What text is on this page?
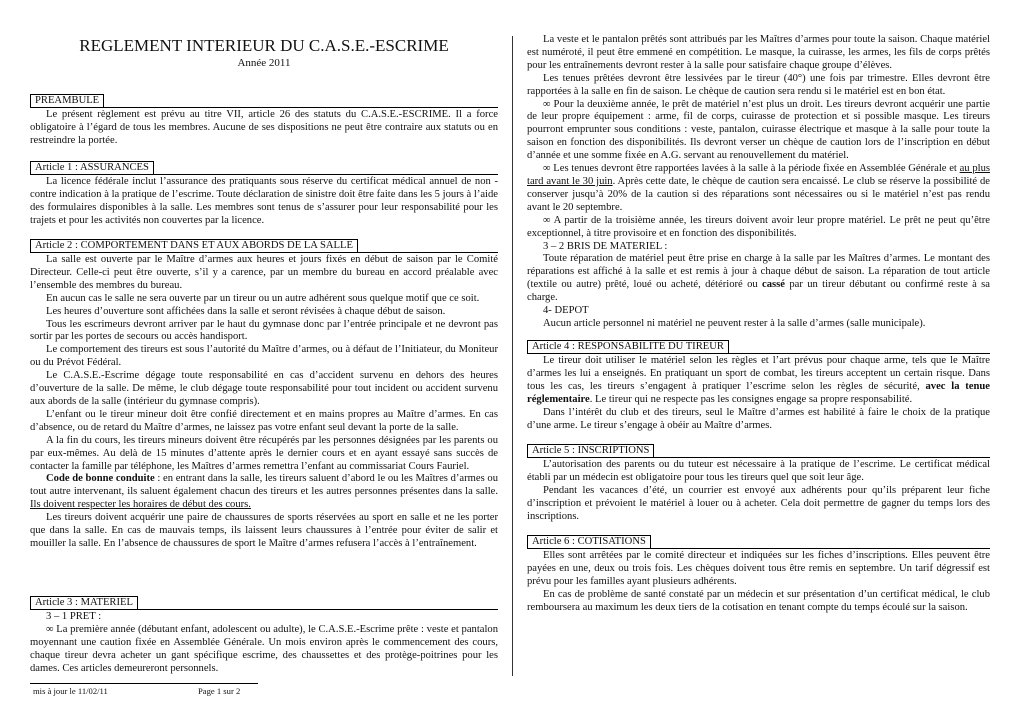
REGLEMENT INTERIEUR DU C.A.S.E.-ESCRIME
Année 2011
PREAMBULE

Le présent règlement est prévu au titre VII, article 26 des statuts du C.A.S.E.-ESCRIME. Il a force obligatoire à l’égard de tous les membres. Aucune de ses dispositions ne peut être contraire aux statuts ou en restreindre la portée.

Article 1 : ASSURANCES

La licence fédérale inclut l’assurance des pratiquants sous réserve du certificat médical annuel de non - contre indication à la pratique de l’escrime. Toute déclaration de sinistre doit être faite dans les 5 jours à l’aide des formulaires disponibles à la salle. Les membres sont tenus de s’assurer pour leur responsabilité pour les trajets et pour les activités non couvertes par la licence.

Article 2 : COMPORTEMENT DANS ET AUX ABORDS DE LA SALLE

La salle est ouverte par le Maître d’armes aux heures et jours fixés en début de saison par le Comité Directeur. Celle-ci peut être ouverte, s’il y a carence, par un membre du bureau en accord préalable avec l’ensemble des membres du bureau.

En aucun cas le salle ne sera ouverte par un tireur ou un autre adhérent sous quelque motif que ce soit.

Les heures d’ouverture sont affichées dans la salle et seront révisées à chaque début de saison.

Tous les escrimeurs devront arriver par le haut du gymnase donc par l’entrée principale et ne devront pas sortir par les portes de secours ou accès handisport.

Le comportement des tireurs est sous l’autorité du Maître d’armes, ou à défaut de l’Initiateur, du Moniteur ou du Prévot Fédéral.

Le C.A.S.E.-Escrime dégage toute responsabilité en cas d’accident survenu en dehors des heures d’ouverture de la salle. De même, le club dégage toute responsabilité pour tout incident ou accident survenu aux abords de la salle (intérieur du gymnase compris).

L’enfant ou le tireur mineur doit être confié directement et en mains propres au Maître d’armes. En cas d’absence, ou de retard du Maître d’armes, ne laissez pas votre enfant seul devant la porte de la salle.

A la fin du cours, les tireurs mineurs doivent être récupérés par les personnes désignées par les parents ou par eux-mêmes. Au delà de 15 minutes d’attente après le dernier cours et en ayant essayé sans succès de contacter la famille par téléphone, les Maîtres d’armes remettra l’enfant au commissariat Cours Fauriel.

Code de bonne conduite : en entrant dans la salle, les tireurs saluent d’abord le ou les Maîtres d’armes ou tout autre intervenant, ils saluent également chacun des tireurs et les autres personnes présentes dans la salle. Ils doivent respecter les horaires de début des cours.

Les tireurs doivent acquérir une paire de chaussures de sports réservées au sport en salle et ne les porter que dans la salle. En cas de mauvais temps, ils laissent leurs chaussures à l’entrée pour éviter de salir et mouiller la salle. En l’absence de chaussures de sport le Maître d’armes refusera l’accès à l’entraînement.

Article 3 : MATERIEL

3 – 1 PRET :

∞ La première année (débutant enfant, adolescent ou adulte), le C.A.S.E.-Escrime prête : veste et pantalon moyennant une caution fixée en Assemblée Générale. Un mois environ après le commencement des cours, chaque tireur devra acheter un gant spécifique escrime, des chaussettes et des protège-poitrines pour les dames. Ces articles demeureront personnels.

mis à jour le 11/02/11	Page 1 sur 2

La veste et le pantalon prêtés sont attribués par les Maîtres d’armes pour toute la saison. Chaque matériel est numéroté, il peut être emmené en compétition. Le masque, la cuirasse, les armes, les fils de corps prêtés pour les entraînements devront rester à la salle pour satisfaire chaque groupe d’élèves.

Les tenues prêtées devront être lessivées par le tireur (40°) une fois par trimestre. Elles devront être rapportées à la salle en fin de saison. Le chèque de caution sera rendu si le matériel est en bon état.

∞ Pour la deuxième année, le prêt de matériel n’est plus un droit. Les tireurs devront acquérir une partie de leur propre équipement : arme, fil de corps, cuirasse de protection et si possible masque. Les tireurs pourront emprunter sous conditions : veste, pantalon, cuirasse électrique et masque à la salle pour toute la saison en fonction des disponibilités. Ils devront verser un chèque de caution lors de l’inscription en début d’année et une somme fixée en A.G. servant au renouvellement du matériel.

∞ Les tenues devront être rapportées lavées à la salle à la période fixée en Assemblée Générale et au plus tard avant le 30 juin. Après cette date, le chèque de caution sera encaissé. Le club se réserve la possibilité de conserver jusqu’à 20% de la caution si des réparations sont nécessaires ou si le matériel n’est pas rendu avant le 20 septembre.

∞ A partir de la troisième année, les tireurs doivent avoir leur propre matériel. Le prêt ne peut qu’être exceptionnel, à titre provisoire et en fonction des disponibilités.

3 – 2 BRIS DE MATERIEL :

Toute réparation de matériel peut être prise en charge à la salle par les Maîtres d’armes. Le montant des réparations est affiché à la salle et est remis à jour à chaque début de saison. La réparation de tout article (textile ou autre) prêté, loué ou acheté, détérioré ou cassé par un tireur débutant ou confirmé reste à sa charge.

4- DEPOT

Aucun article personnel ni matériel ne peuvent rester à la salle d’armes (salle municipale).

Article 4 : RESPONSABILITE DU TIREUR

Le tireur doit utiliser le matériel selon les règles et l’art prévus pour chaque arme, tels que le Maître d’armes les lui a enseignés. En pratiquant un sport de combat, les tireurs acceptent un certain risque. Dans tous les cas, les tireurs s’engagent à pratiquer l’escrime selon les règles de sécurité, avec la tenue réglementaire. Le tireur qui ne respecte pas les consignes engage sa propre responsabilité.

Dans l’intérêt du club et des tireurs, seul le Maître d’armes est habilité à faire le choix de la pratique d’une arme. Le tireur s’engage à obéir au Maître d’armes.

Article 5 : INSCRIPTIONS

L’autorisation des parents ou du tuteur est nécessaire à la pratique de l’escrime. Le certificat médical établi par un médecin est obligatoire pour tous les tireurs quel que soit leur âge.

Pendant les vacances d’été, un courrier est envoyé aux adhérents pour qu’ils préparent leur fiche d’inscription et prévoient le matériel à louer ou à acheter. Cela doit permettre de gagner du temps lors des inscriptions.

Article 6 : COTISATIONS

Elles sont arrêtées par le comité directeur et indiquées sur les fiches d’inscriptions. Elles peuvent être payées en une, deux ou trois fois. Les chèques doivent tous être remis en septembre. Un tarif dégressif est prévu pour les familles ayant plusieurs adhérents.

En cas de problème de santé constaté par un médecin et sur présentation d’un certificat médical, le club remboursera au maximum les deux tiers de la cotisation en tenant compte du temps écoulé sur la saison.
